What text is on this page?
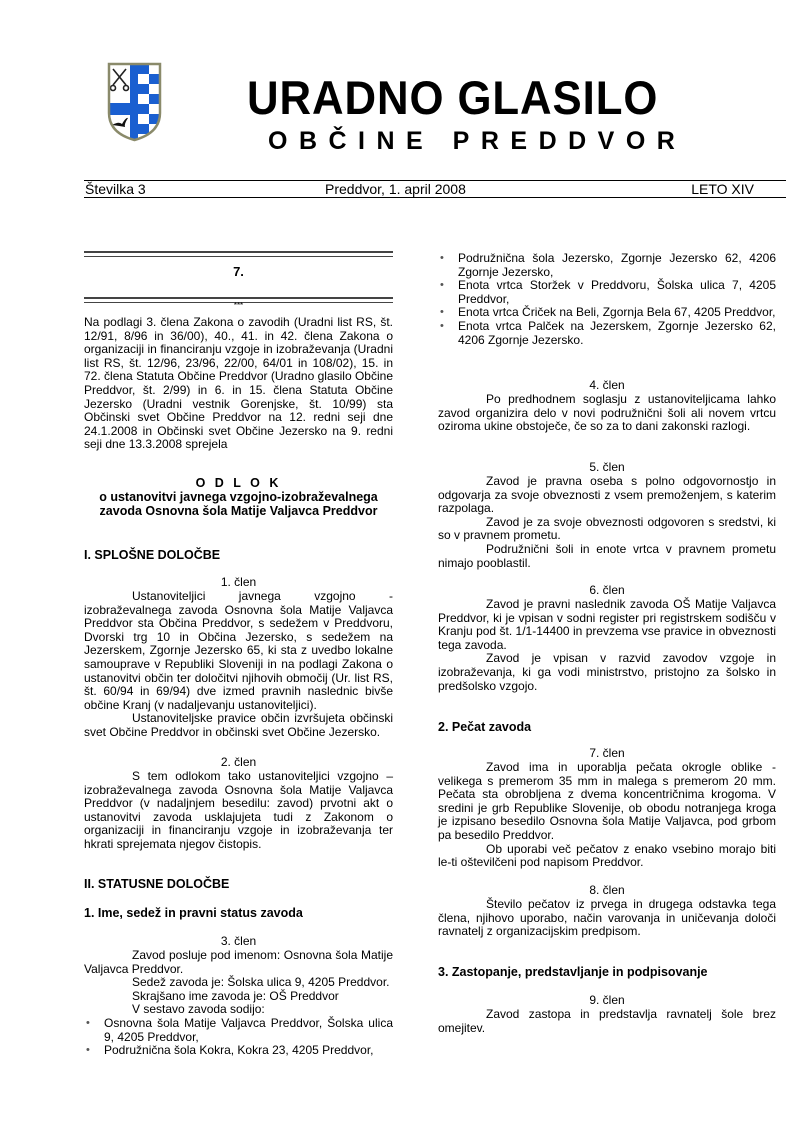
URADNO GLASILO
OBČINE PREDDVOR
Številka 3	Preddvor, 1. april 2008	LETO XIV
7.
***

Na podlagi 3. člena Zakona o zavodih (Uradni list RS, št. 12/91, 8/96 in 36/00), 40., 41. in 42. člena Zakona o organizaciji in financiranju vzgoje in izobraževanja (Uradni list RS, št. 12/96, 23/96, 22/00, 64/01 in 108/02), 15. in 72. člena Statuta Občine Preddvor (Uradno glasilo Občine Preddvor, št. 2/99) in 6. in 15. člena Statuta Občine Jezersko (Uradni vestnik Gorenjske, št. 10/99) sta Občinski svet Občine Preddvor na 12. redni seji dne 24.1.2008 in Občinski svet Občine Jezersko na 9. redni seji dne 13.3.2008 sprejela

O D L O K
o ustanovitvi javnega vzgojno-izobraževalnega
zavoda Osnovna šola Matije Valjavca Preddvor
I. SPLOŠNE DOLOČBE
1. člen

Ustanoviteljici javnega vzgojno - izobraževalnega zavoda Osnovna šola Matije Valjavca Preddvor sta Občina Preddvor, s sedežem v Preddvoru, Dvorski trg 10 in Občina Jezersko, s sedežem na Jezerskem, Zgornje Jezersko 65, ki sta z uvedbo lokalne samouprave v Republiki Sloveniji in na podlagi Zakona o ustanovitvi občin ter določitvi njihovih območij (Ur. list RS, št. 60/94 in 69/94) dve izmed pravnih naslednic bivše občine Kranj (v nadaljevanju ustanoviteljici).

Ustanoviteljske pravice občin izvršujeta občinski svet Občine Preddvor in občinski svet Občine Jezersko.

2. člen

S tem odlokom tako ustanoviteljici vzgojno – izobraževalnega zavoda Osnovna šola Matije Valjavca Preddvor (v nadaljnjem besedilu: zavod) prvotni akt o ustanovitvi zavoda usklajujeta tudi z Zakonom o organizaciji in financiranju vzgoje in izobraževanja ter hkrati sprejemata njegov čistopis.

II. STATUSNE DOLOČBE
1. Ime, sedež in pravni status zavoda
3. člen

Zavod posluje pod imenom: Osnovna šola Matije Valjavca Preddvor.

Sedež zavoda je: Šolska ulica 9, 4205 Preddvor.

Skrajšano ime zavoda je: OŠ Preddvor

V sestavo zavoda sodijo:

• Osnovna šola Matije Valjavca Preddvor, Šolska ulica 9, 4205 Preddvor,
• Podružnična šola Kokra, Kokra 23, 4205 Preddvor,
• Podružnična šola Jezersko, Zgornje Jezersko 62, 4206 Zgornje Jezersko,
• Enota vrtca Storžek v Preddvoru, Šolska ulica 7, 4205 Preddvor,
• Enota vrtca Čriček na Beli, Zgornja Bela 67, 4205 Preddvor,
• Enota vrtca Palček na Jezerskem, Zgornje Jezersko 62, 4206 Zgornje Jezersko.
4. člen

Po predhodnem soglasju z ustanoviteljicama lahko zavod organizira delo v novi podružnični šoli ali novem vrtcu oziroma ukine obstoječe, če so za to dani zakonski razlogi.

5. člen

Zavod je pravna oseba s polno odgovornostjo in odgovarja za svoje obveznosti z vsem premoženjem, s katerim razpolaga.

Zavod je za svoje obveznosti odgovoren s sredstvi, ki so v pravnem prometu.

Podružnični šoli in enote vrtca v pravnem prometu nimajo pooblastil.

6. člen

Zavod je pravni naslednik zavoda OŠ Matije Valjavca Preddvor, ki je vpisan v sodni register pri registrskem sodišču v Kranju pod št. 1/1-14400 in prevzema vse pravice in obveznosti tega zavoda.

Zavod je vpisan v razvid zavodov vzgoje in izobraževanja, ki ga vodi ministrstvo, pristojno za šolsko in predšolsko vzgojo.

2. Pečat zavoda
7. člen

Zavod ima in uporablja pečata okrogle oblike - velikega s premerom 35 mm in malega s premerom 20 mm. Pečata sta obrobljena z dvema koncentričnima krogoma. V sredini je grb Republike Slovenije, ob obodu notranjega kroga je izpisano besedilo Osnovna šola Matije Valjavca, pod grbom pa besedilo Preddvor.

Ob uporabi več pečatov z enako vsebino morajo biti le-ti oštevilčeni pod napisom Preddvor.

8. člen

Število pečatov iz prvega in drugega odstavka tega člena, njihovo uporabo, način varovanja in uničevanja določi ravnatelj z organizacijskim predpisom.

3. Zastopanje, predstavljanje in podpisovanje
9. člen

Zavod zastopa in predstavlja ravnatelj šole brez omejitev.
